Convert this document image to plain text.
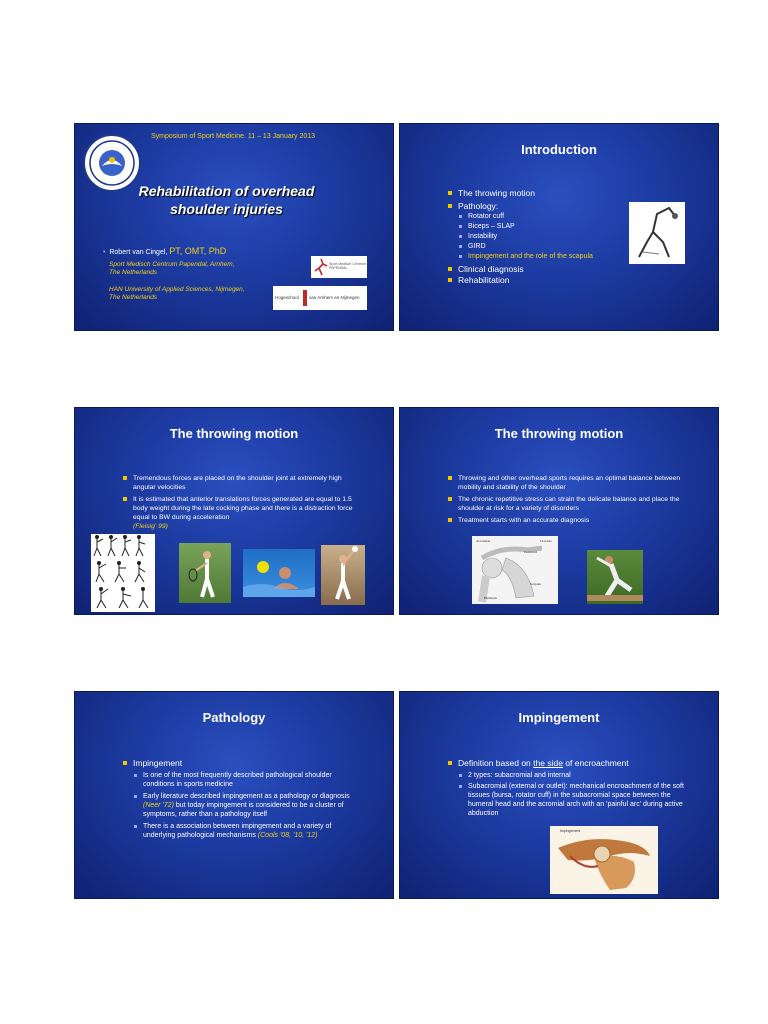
Symposium of Sport Medicine. 11 – 13 January 2013
Rehabilitation of overhead shoulder injuries
•  Robert van Cingel, PT, OMT, PhD
Sport Medisch Centrum Papendal, Arnhem,
The Netherlands
HAN University of Applied Sciences, Nijmegen,
The Netherlands
Sport Medisch Centrum PAPENDAL
Hogeschool van Arnhem en Nijmegen
Introduction
The throwing motion
Pathology:
Rotator cuff
Biceps – SLAP
Instability
GIRD
Impingement and the role of the scapula
Clinical diagnosis
Rehabilitation
The throwing motion
Tremendous forces are placed on the shoulder joint at extremely high angular velocities
It is estimated that anterior translations forces generated are equal to 1.5 body weight during the late cocking phase and there is a distraction force equal to BW during acceleration
(Fleisig' 99)
The throwing motion
Throwing and other overhead sports requires an optimal balance between mobility and stability of the shoulder
The chronic repetitive stress can strain the delicate balance and place the shoulder at risk for a variety of disorders
Treatment starts with an accurate diagnosis
Acromion	Clavicle
Coracoid
Scapula
Humerus
Pathology
Impingement
Is one of the most frequently described pathological shoulder conditions in sports medicine
Early literature described impingement as a pathology or diagnosis (Neer '72) but today impingement is considered to be a cluster of symptoms, rather than a pathology itself
There is a association between impingement and a variety of underlying pathological mechanisms (Cools '08, '10, '12)
Impingement
Definition based on the side of encroachment
2 types: subacromial and internal
Subacromial (external or outlet): mechanical encroachment of the soft tissues (bursa, rotator cuff) in the subacromial space between the humeral head and the acromial arch with an 'painful arc' during active abduction
Impingement
